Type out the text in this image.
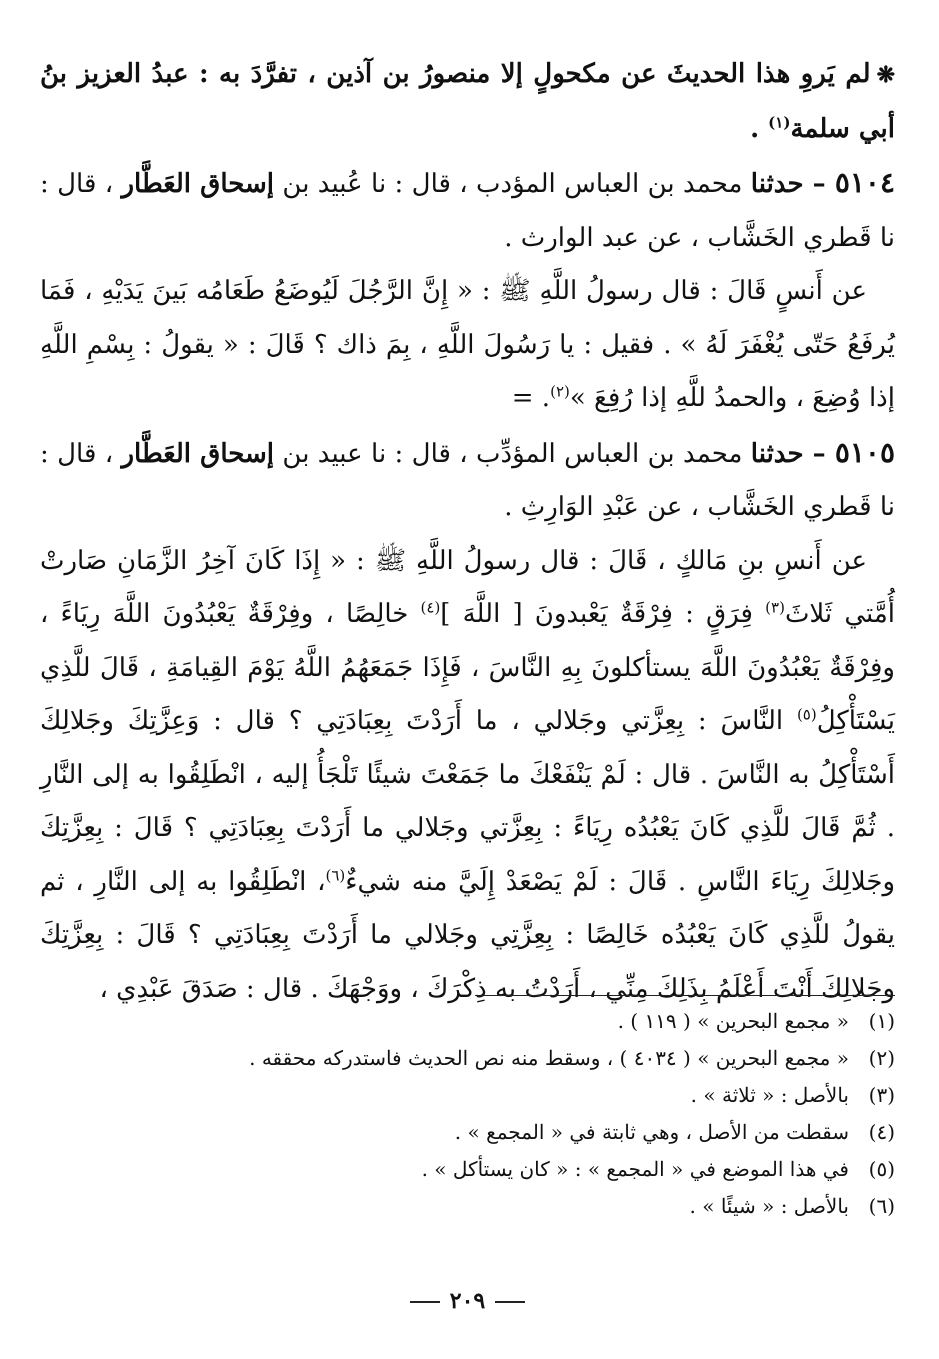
❋لم يَروِ هذا الحديثَ عن مكحولٍ إلا منصورُ بن آذين ، تفرَّدَ به : عبدُ العزيز بنُ أبي سلمة$^{(١)}$ .

٥١٠٤ – حدثنا محمد بن العباس المؤدب ، قال : نا عُبيد بن إسحاق العَطَّار ، قال : نا قَطري الخَشَّاب ، عن عبد الوارث .

عن أَنسٍ قَالَ : قال رسولُ اللَّهِ ﷺ : « إِنَّ الرَّجُلَ لَيُوضَعُ طَعَامُه بَينَ يَدَيْهِ ، فَمَا يُرفَعُ حَتّى يُغْفَرَ لَهُ » . فقيل : يا رَسُولَ اللَّهِ ، بِمَ ذاك ؟ قَالَ : « يقولُ : بِسْمِ اللَّهِ إذا وُضِعَ ، والحمدُ للَّهِ إذا رُفِعَ »$^{(٢)}$. =

٥١٠٥ – حدثنا محمد بن العباس المؤدِّب ، قال : نا عبيد بن إسحاق العَطَّار ، قال : نا قَطري الخَشَّاب ، عن عَبْدِ الوَارِثِ .

عن أَنسِ بنِ مَالكٍ ، قَالَ : قال رسولُ اللَّهِ ﷺ : « إِذَا كَانَ آخِرُ الزَّمَانِ صَارتْ أُمَّتي ثَلاثَ$^{(٣)}$ فِرَقٍ : فِرْقَةٌ يَعْبدونَ [ اللَّهَ ]$^{(٤)}$ خالِصًا ، وفِرْقَةٌ يَعْبُدُونَ اللَّهَ رِيَاءً ، وفِرْقَةٌ يَعْبُدُونَ اللَّهَ يستأكلونَ بِهِ النَّاسَ ، فَإِذَا جَمَعَهُمُ اللَّهُ يَوْمَ القِيامَةِ ، قَالَ للَّذِي يَسْتَأْكِلُ$^{(٥)}$ النَّاسَ : بِعِزَّتي وجَلالي ، ما أَرَدْتَ بِعِبَادَتِي ؟ قال : وَعِزَّتِكَ وجَلالِكَ أَسْتَأْكِلُ به النَّاسَ . قال : لَمْ يَنْفَعْكَ ما جَمَعْتَ شيئًا تَلْجَأُ إليه ، انْطَلِقُوا به إلى النَّارِ . ثُمَّ قَالَ للَّذِي كَانَ يَعْبُدُه رِيَاءً : بِعِزَّتي وجَلالي ما أَرَدْتَ بِعِبَادَتِي ؟ قَالَ : بِعِزَّتِكَ وجَلالِكَ رِيَاءَ النَّاسِ . قَالَ : لَمْ يَصْعَدْ إِلَيَّ منه شيءٌ$^{(٦)}$، انْطَلِقُوا به إلى النَّارِ ، ثم يقولُ للَّذِي كَانَ يَعْبُدُه خَالِصًا : بِعِزَّتِي وجَلالي ما أَرَدْتَ بِعِبَادَتِي ؟ قَالَ : بِعِزَّتِكَ وجَلالِكَ أَنْتَ أَعْلَمُ بِذَلِكَ مِنِّي ، أَرَدْتُ به ذِكْرَكَ ، ووَجْهَكَ . قال : صَدَقَ عَبْدِي ،

(١)
« مجمع البحرين » ( ١١٩ ) .
(٢)
« مجمع البحرين » ( ٤٠٣٤ ) ، وسقط منه نص الحديث فاستدركه محققه .
(٣)
بالأصل : « ثلاثة » .
(٤)
سقطت من الأصل ، وهي ثابتة في « المجمع » .
(٥)
في هذا الموضع في « المجمع » : « كان يستأكل » .
(٦)
بالأصل : « شيئًا » .
٢٠٩
